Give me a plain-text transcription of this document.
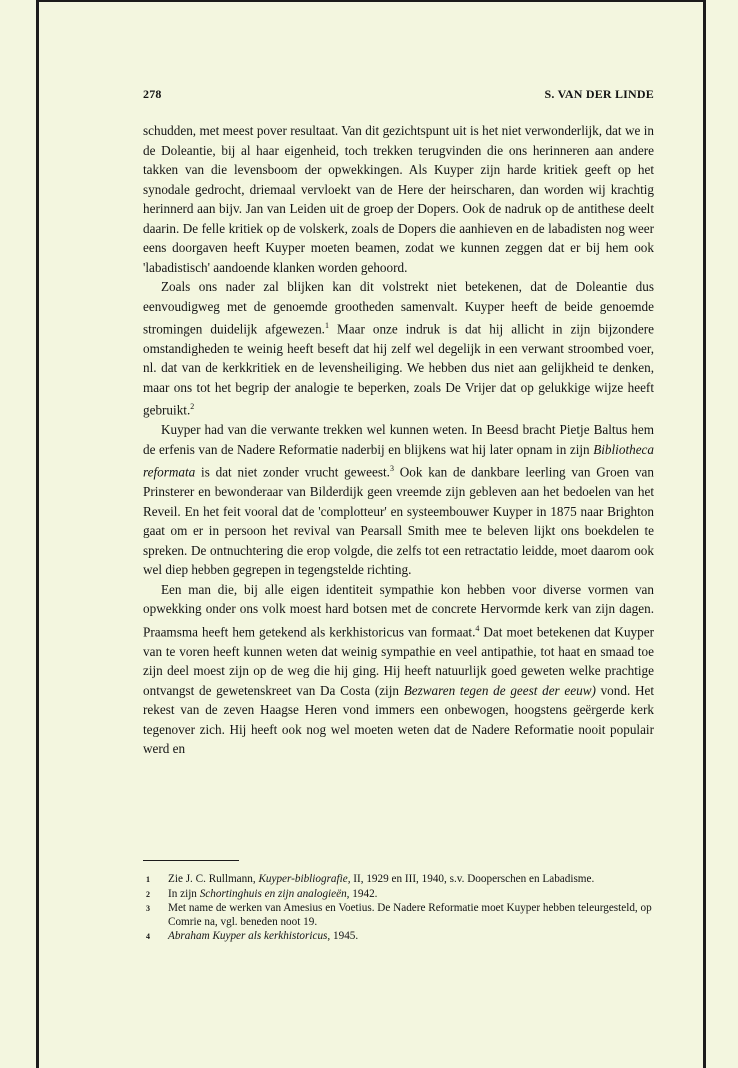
278	S. VAN DER LINDE

schudden, met meest pover resultaat. Van dit gezichtspunt uit is het niet verwonderlijk, dat we in de Doleantie, bij al haar eigenheid, toch trekken terugvinden die ons herinneren aan andere takken van die levensboom der opwekkingen. Als Kuyper zijn harde kritiek geeft op het synodale gedrocht, driemaal vervloekt van de Here der heirscharen, dan worden wij krachtig herinnerd aan bijv. Jan van Leiden uit de groep der Dopers. Ook de nadruk op de antithese deelt daarin. De felle kritiek op de volskerk, zoals de Dopers die aanhieven en de labadisten nog weer eens doorgaven heeft Kuyper moeten beamen, zodat we kunnen zeggen dat er bij hem ook 'labadistisch' aandoende klanken worden gehoord.

Zoals ons nader zal blijken kan dit volstrekt niet betekenen, dat de Doleantie dus eenvoudigweg met de genoemde grootheden samenvalt. Kuyper heeft de beide genoemde stromingen duidelijk afgewezen.$^1$ Maar onze indruk is dat hij allicht in zijn bijzondere omstandigheden te weinig heeft beseft dat hij zelf wel degelijk in een verwant stroombed voer, nl. dat van de kerkkritiek en de levensheiliging. We hebben dus niet aan gelijkheid te denken, maar ons tot het begrip der analogie te beperken, zoals De Vrijer dat op gelukkige wijze heeft gebruikt.$^2$

Kuyper had van die verwante trekken wel kunnen weten. In Beesd bracht Pietje Baltus hem de erfenis van de Nadere Reformatie naderbij en blijkens wat hij later opnam in zijn Bibliotheca reformata is dat niet zonder vrucht geweest.$^3$ Ook kan de dankbare leerling van Groen van Prinsterer en bewonderaar van Bilderdijk geen vreemde zijn gebleven aan het bedoelen van het Reveil. En het feit vooral dat de 'complotteur' en systeembouwer Kuyper in 1875 naar Brighton gaat om er in persoon het revival van Pearsall Smith mee te beleven lijkt ons boekdelen te spreken. De ontnuchtering die erop volgde, die zelfs tot een retractatio leidde, moet daarom ook wel diep hebben gegrepen in tegengstelde richting.

Een man die, bij alle eigen identiteit sympathie kon hebben voor diverse vormen van opwekking onder ons volk moest hard botsen met de concrete Hervormde kerk van zijn dagen. Praamsma heeft hem getekend als kerkhistoricus van formaat.$^4$ Dat moet betekenen dat Kuyper van te voren heeft kunnen weten dat weinig sympathie en veel antipathie, tot haat en smaad toe zijn deel moest zijn op de weg die hij ging. Hij heeft natuurlijk goed geweten welke prachtige ontvangst de gewetenskreet van Da Costa (zijn Bezwaren tegen de geest der eeuw) vond. Het rekest van de zeven Haagse Heren vond immers een onbewogen, hoogstens geërgerde kerk tegenover zich. Hij heeft ook nog wel moeten weten dat de Nadere Reformatie nooit populair werd en

1 Zie J. C. Rullmann, Kuyper-bibliografie, II, 1929 en III, 1940, s.v. Dooperschen en Labadisme.
2 In zijn Schortinghuis en zijn analogieën, 1942.
3 Met name de werken van Amesius en Voetius. De Nadere Reformatie moet Kuyper hebben teleurgesteld, op Comrie na, vgl. beneden noot 19.
4 Abraham Kuyper als kerkhistoricus, 1945.
